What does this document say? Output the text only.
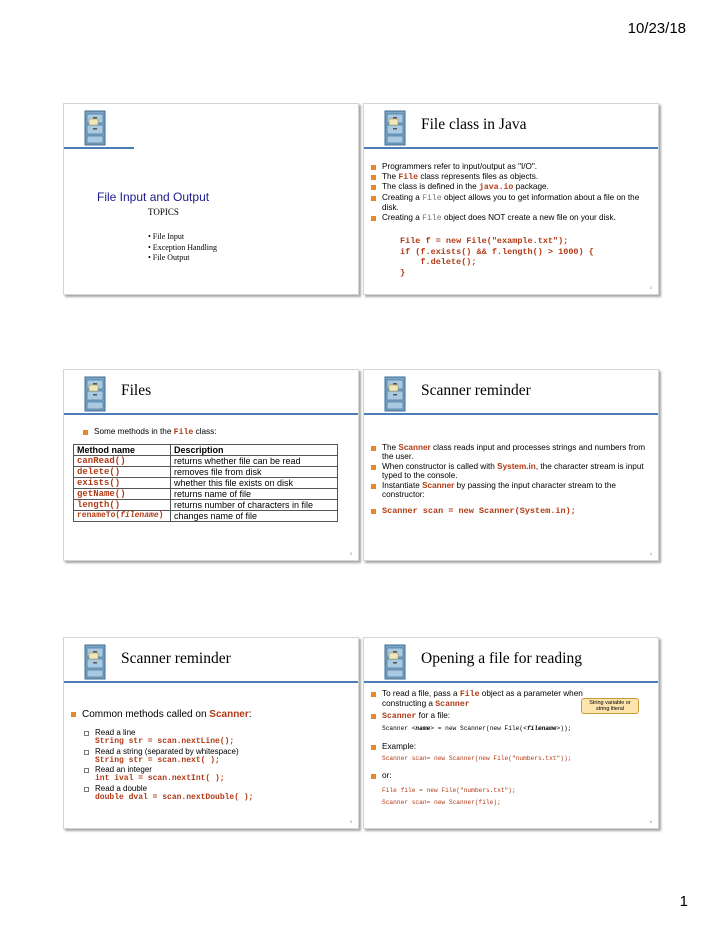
10/23/18
File Input and Output
TOPICS
• File Input
• Exception Handling
• File Output
File class in Java
Programmers refer to input/output as "I/O".
The File class represents files as objects.
The class is defined in the java.io package.
Creating a File object allows you to get information about a file on the disk.
Creating a File object does NOT create a new file on your disk.
File f = new File("example.txt");
if (f.exists() && f.length() > 1000) {
f.delete();
}
2
Files
Some methods in the File class:
Method name	Description
canRead()	returns whether file can be read
delete()	removes file from disk
exists()	whether this file exists on disk
getName()	returns name of file
length()	returns number of characters in file
renameTo(filename)	changes name of file
3
Scanner reminder
The Scanner class reads input and processes strings and numbers from the user.
When constructor is called with System.in, the character stream is input typed to the console.
Instantiate Scanner by passing the input character stream to the constructor:
Scanner scan = new Scanner(System.in);
4
Scanner reminder
Common methods called on Scanner:
Read a line
String str = scan.nextLine();
Read a string (separated by whitespace)
String str = scan.next( );
Read an integer
int ival = scan.nextInt( );
Read a double
double dval = scan.nextDouble( );
5
Opening a file for reading
To read a file, pass a File object as a parameter when constructing a Scanner
Scanner for a file:
Scanner <name> = new Scanner(new File(<filename>));
Example:
Scanner scan= new Scanner(new File("numbers.txt"));
or:
File file = new File("numbers.txt");
Scanner scan= new Scanner(file);
String variable or string literal
6
1
